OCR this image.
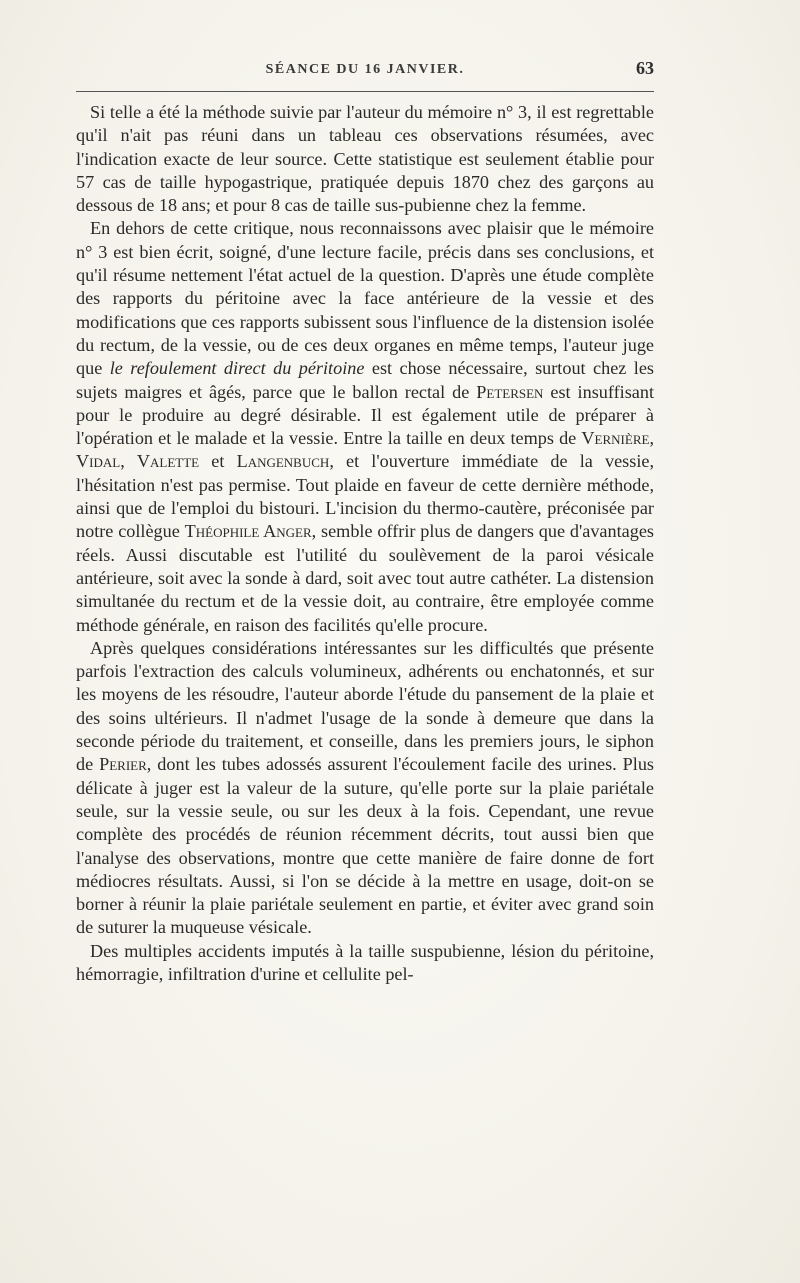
SÉANCE DU 16 JANVIER.	63

Si telle a été la méthode suivie par l'auteur du mémoire n° 3, il est regrettable qu'il n'ait pas réuni dans un tableau ces observations résumées, avec l'indication exacte de leur source. Cette statistique est seulement établie pour 57 cas de taille hypogastrique, pratiquée depuis 1870 chez des garçons au dessous de 18 ans; et pour 8 cas de taille sus-pubienne chez la femme.

En dehors de cette critique, nous reconnaissons avec plaisir que le mémoire n° 3 est bien écrit, soigné, d'une lecture facile, précis dans ses conclusions, et qu'il résume nettement l'état actuel de la question. D'après une étude complète des rapports du péritoine avec la face antérieure de la vessie et des modifications que ces rapports subissent sous l'influence de la distension isolée du rectum, de la vessie, ou de ces deux organes en même temps, l'auteur juge que le refoulement direct du péritoine est chose nécessaire, surtout chez les sujets maigres et âgés, parce que le ballon rectal de Petersen est insuffisant pour le produire au degré désirable. Il est également utile de préparer à l'opération et le malade et la vessie. Entre la taille en deux temps de Vernière, Vidal, Valette et Langenbuch, et l'ouverture immédiate de la vessie, l'hésitation n'est pas permise. Tout plaide en faveur de cette dernière méthode, ainsi que de l'emploi du bistouri. L'incision du thermo-cautère, préconisée par notre collègue Théophile Anger, semble offrir plus de dangers que d'avantages réels. Aussi discutable est l'utilité du soulèvement de la paroi vésicale antérieure, soit avec la sonde à dard, soit avec tout autre cathéter. La distension simultanée du rectum et de la vessie doit, au contraire, être employée comme méthode générale, en raison des facilités qu'elle procure.

Après quelques considérations intéressantes sur les difficultés que présente parfois l'extraction des calculs volumineux, adhérents ou enchatonnés, et sur les moyens de les résoudre, l'auteur aborde l'étude du pansement de la plaie et des soins ultérieurs. Il n'admet l'usage de la sonde à demeure que dans la seconde période du traitement, et conseille, dans les premiers jours, le siphon de Perier, dont les tubes adossés assurent l'écoulement facile des urines. Plus délicate à juger est la valeur de la suture, qu'elle porte sur la plaie pariétale seule, sur la vessie seule, ou sur les deux à la fois. Cependant, une revue complète des procédés de réunion récemment décrits, tout aussi bien que l'analyse des observations, montre que cette manière de faire donne de fort médiocres résultats. Aussi, si l'on se décide à la mettre en usage, doit-on se borner à réunir la plaie pariétale seulement en partie, et éviter avec grand soin de suturer la muqueuse vésicale.

Des multiples accidents imputés à la taille suspubienne, lésion du péritoine, hémorragie, infiltration d'urine et cellulite pel-
